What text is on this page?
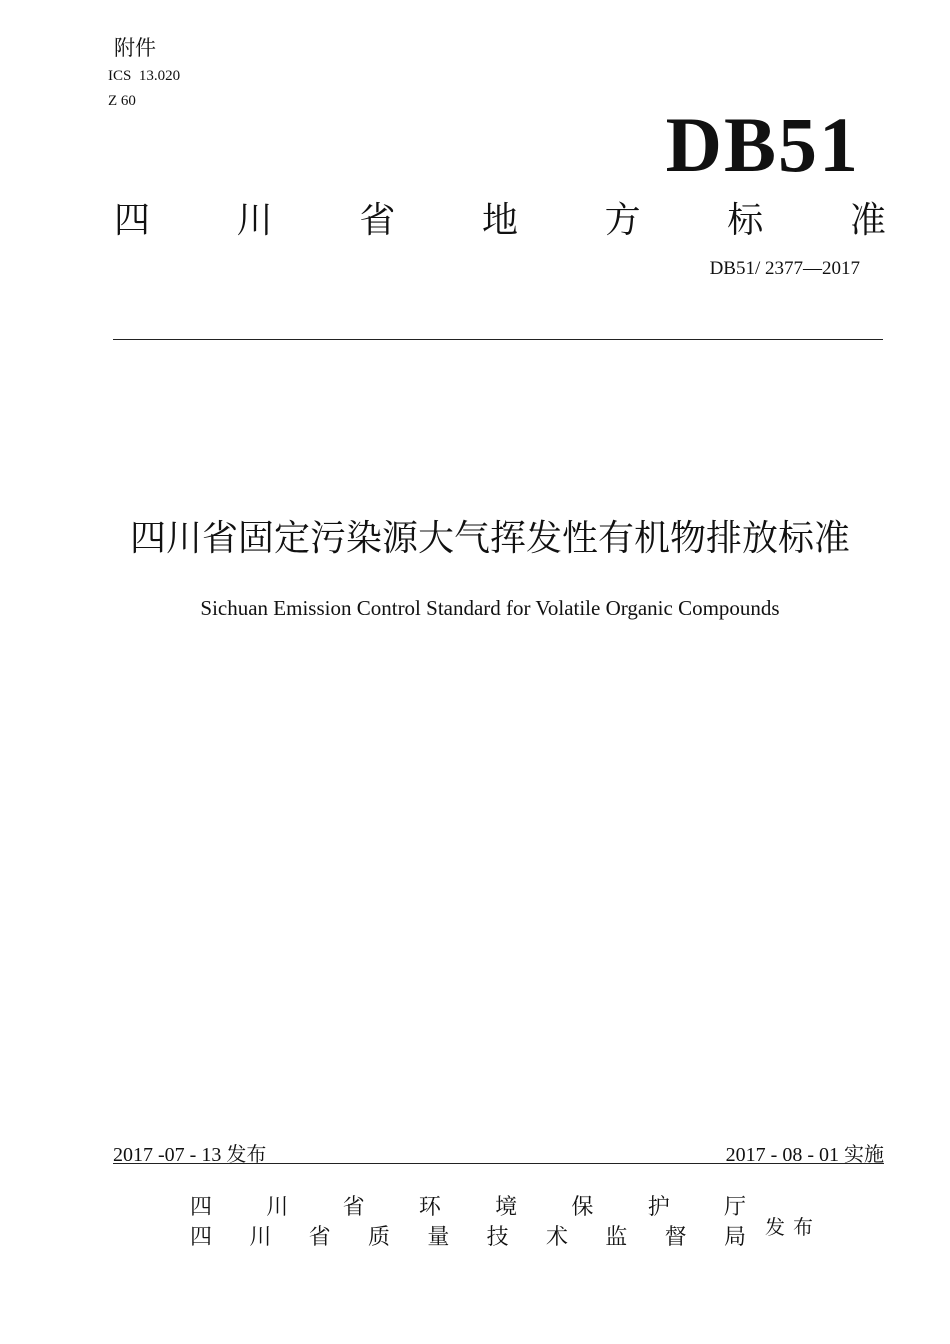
附件
ICS  13.020
Z 60	DB51
四 川 省 地 方 标 准
DB51/ 2377—2017
四川省固定污染源大气挥发性有机物排放标准
Sichuan Emission Control Standard for Volatile Organic Compounds
2017 -07 - 13 发布	2017 - 08 - 01 实施
四 川 省 环 境 保 护 厅
四 川 省 质 量 技 术 监 督 局 发布
